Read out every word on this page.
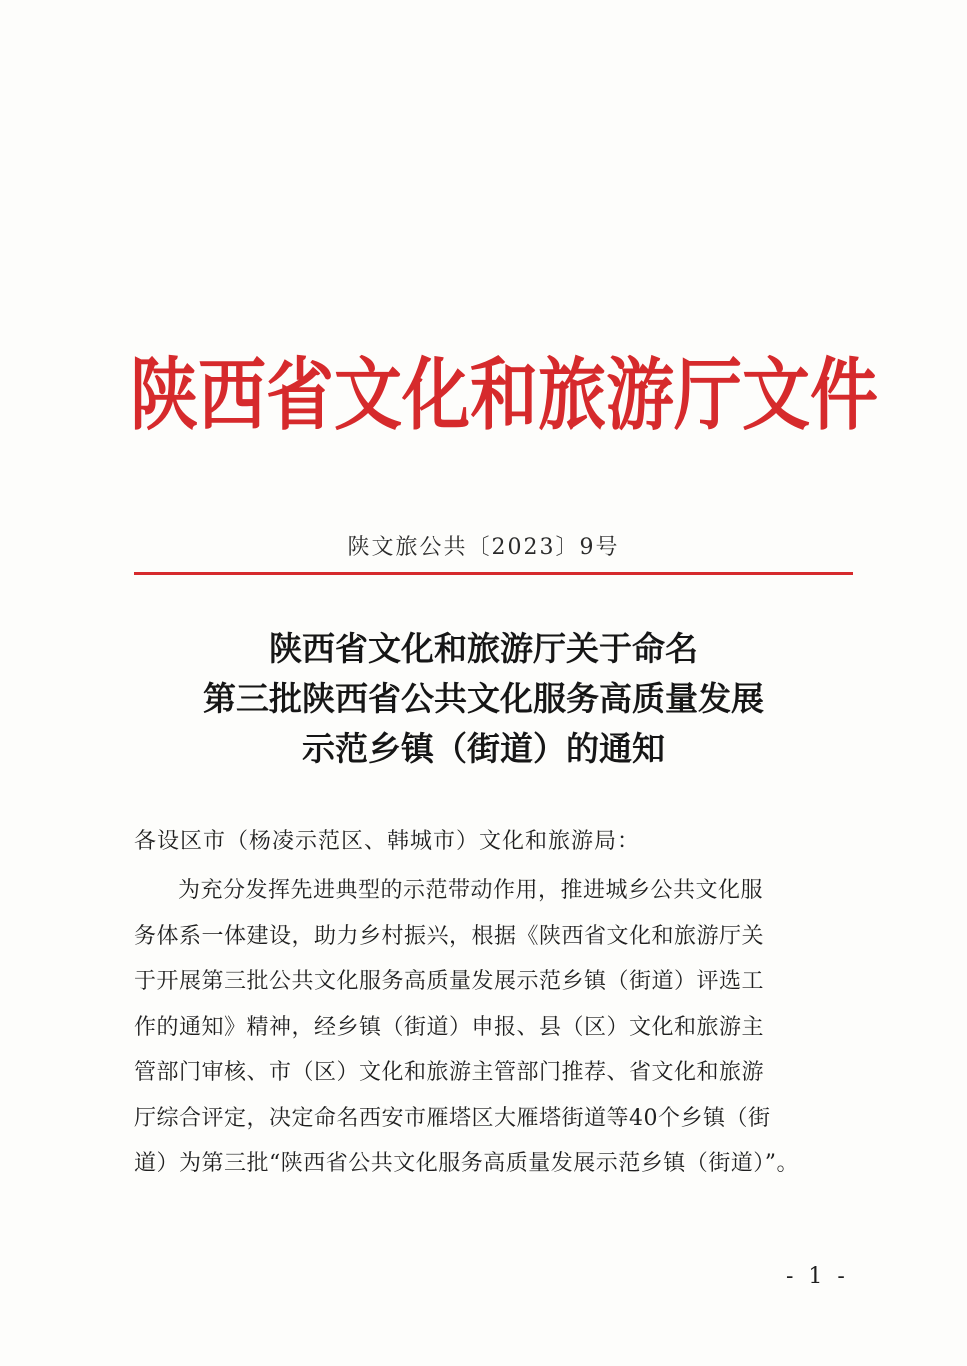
陕西省文化和旅游厅文件
陕文旅公共〔2023〕9号
陕西省文化和旅游厅关于命名
第三批陕西省公共文化服务高质量发展
示范乡镇（街道）的通知
各设区市（杨凌示范区、韩城市）文化和旅游局：
为充分发挥先进典型的示范带动作用，推进城乡公共文化服
务体系一体建设，助力乡村振兴，根据《陕西省文化和旅游厅关
于开展第三批公共文化服务高质量发展示范乡镇（街道）评选工
作的通知》精神，经乡镇（街道）申报、县（区）文化和旅游主
管部门审核、市（区）文化和旅游主管部门推荐、省文化和旅游
厅综合评定，决定命名西安市雁塔区大雁塔街道等40个乡镇（街
道）为第三批“陕西省公共文化服务高质量发展示范乡镇（街道）”。
- 1 -
